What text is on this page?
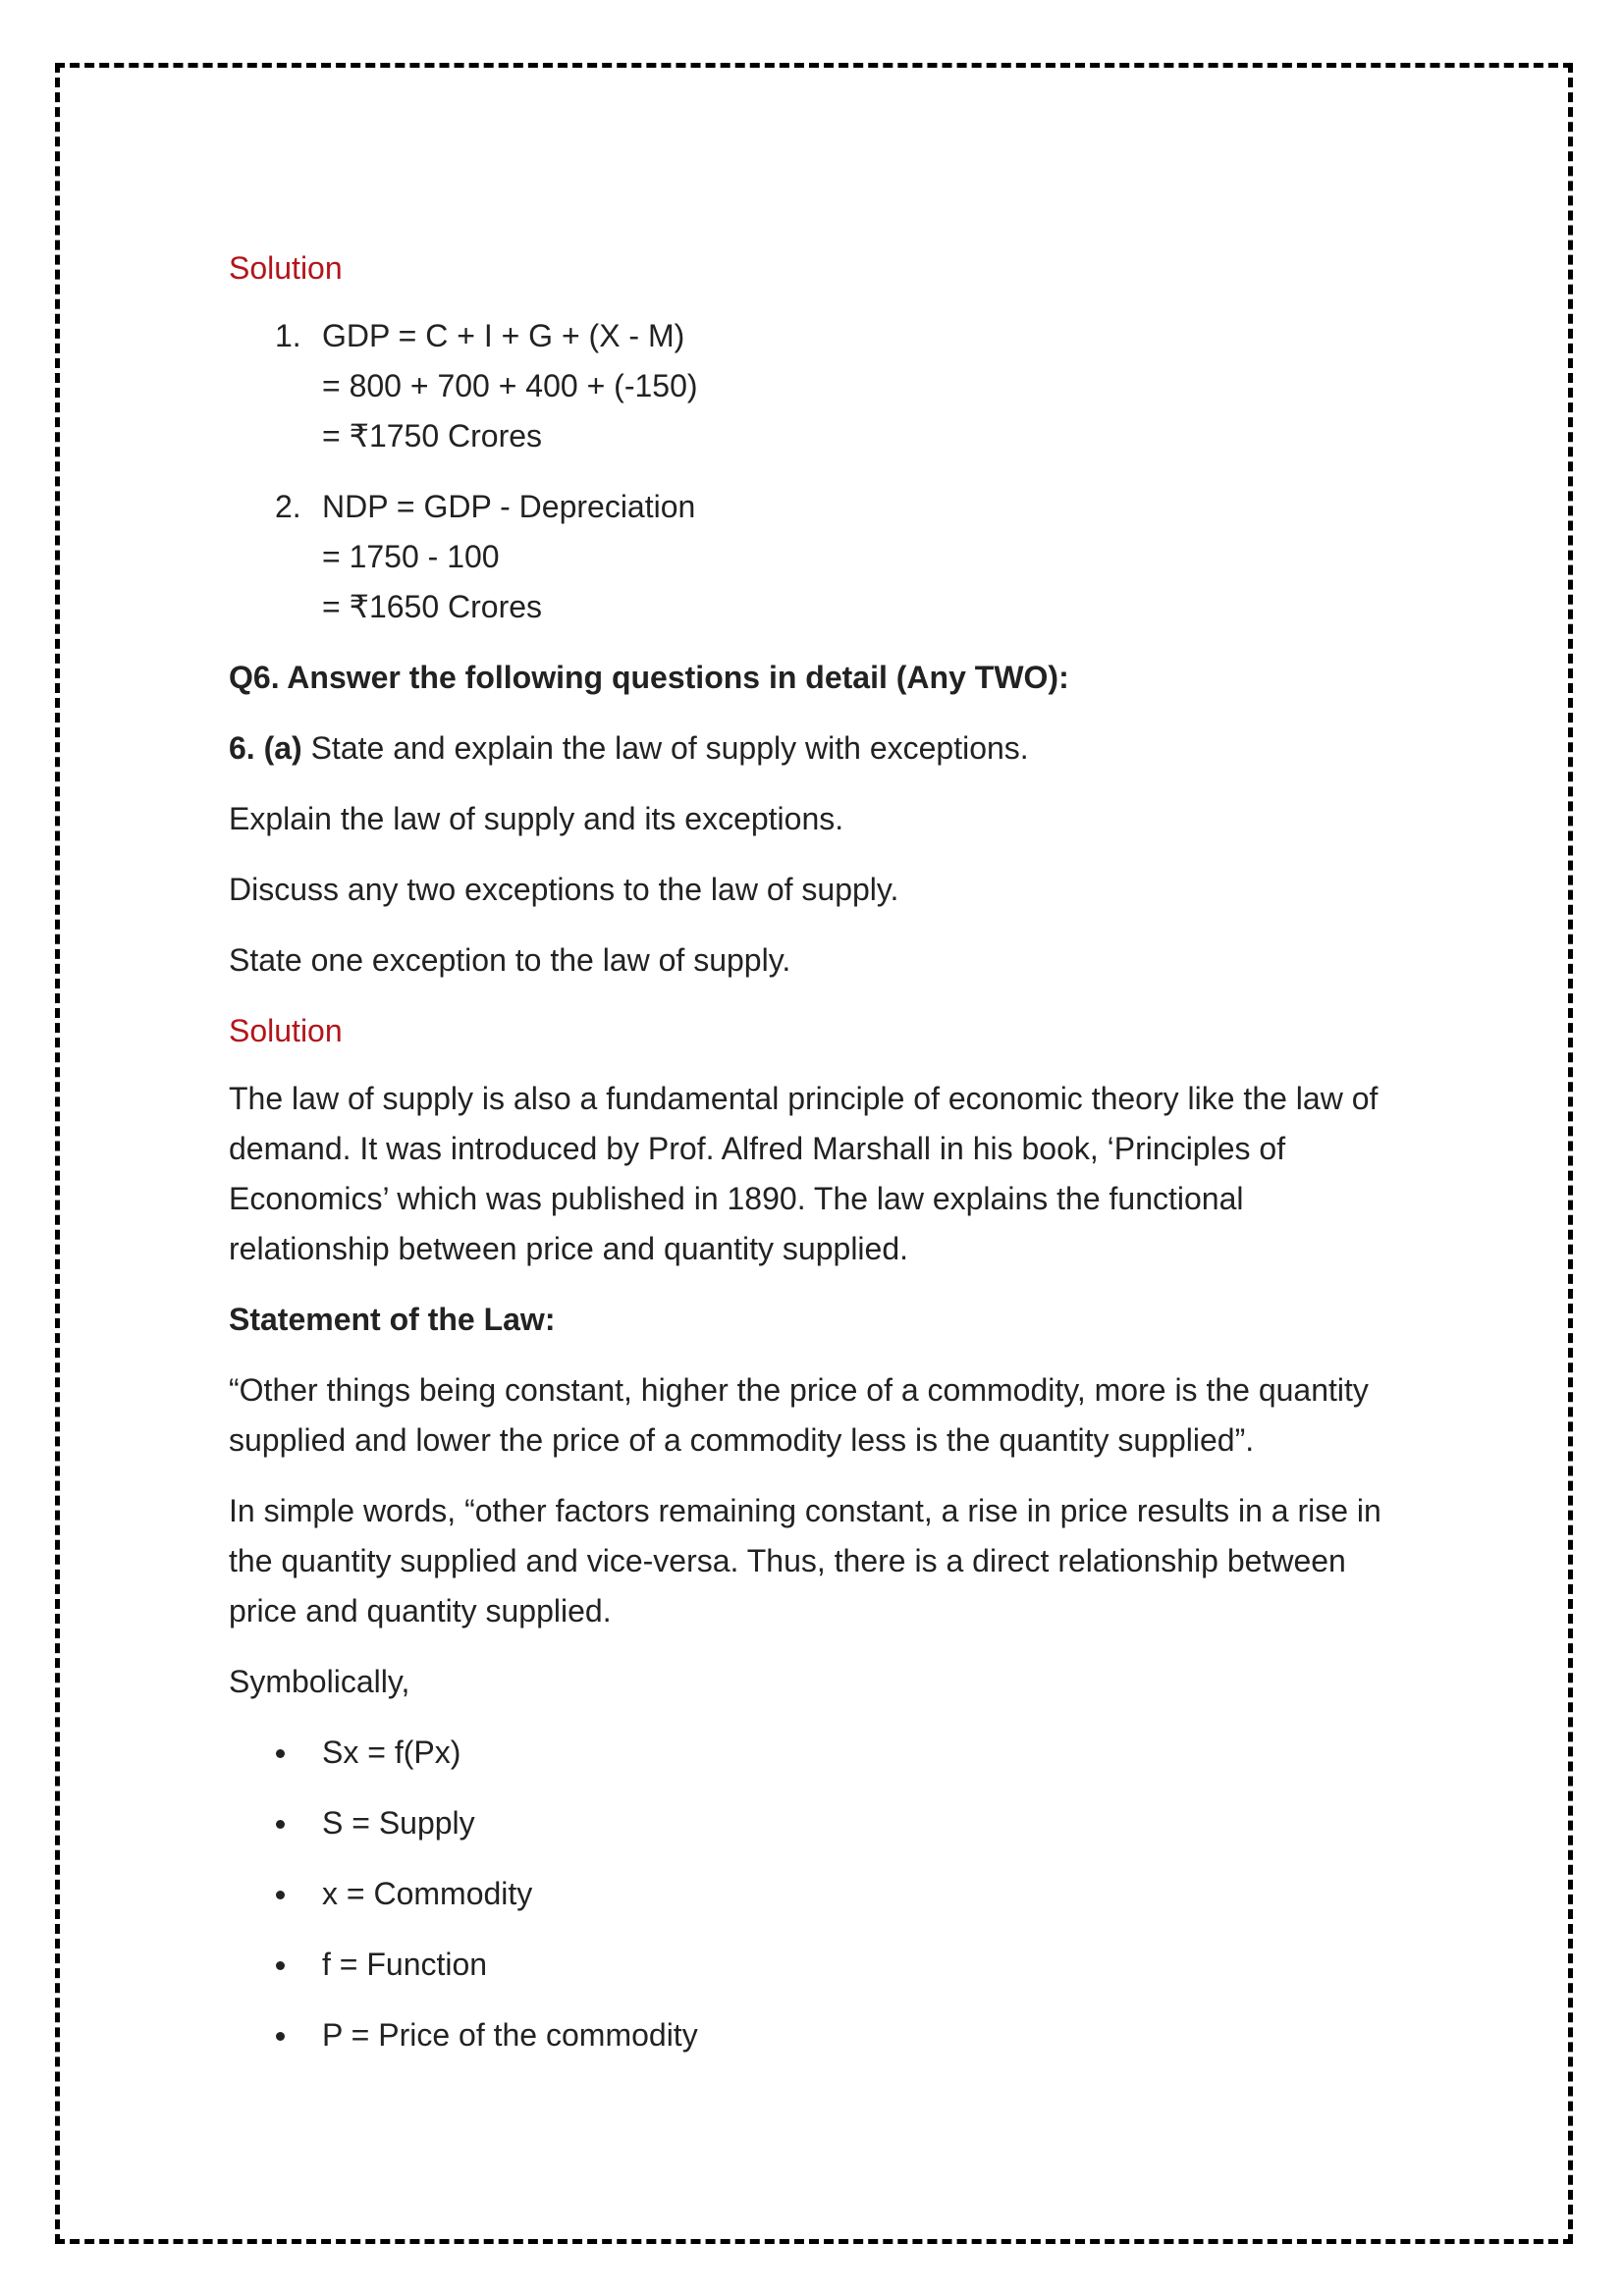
Solution
1. GDP = C + I + G + (X - M)
= 800 + 700 + 400 + (-150)
= ₹1750 Crores
2. NDP = GDP - Depreciation
= 1750 - 100
= ₹1650 Crores
Q6. Answer the following questions in detail (Any TWO):
6. (a) State and explain the law of supply with exceptions.
Explain the law of supply and its exceptions.
Discuss any two exceptions to the law of supply.
State one exception to the law of supply.
Solution
The law of supply is also a fundamental principle of economic theory like the law of demand. It was introduced by Prof. Alfred Marshall in his book, ‘Principles of Economics’ which was published in 1890. The law explains the functional relationship between price and quantity supplied.
Statement of the Law:
“Other things being constant, higher the price of a commodity, more is the quantity supplied and lower the price of a commodity less is the quantity supplied”.
In simple words, “other factors remaining constant, a rise in price results in a rise in the quantity supplied and vice-versa. Thus, there is a direct relationship between price and quantity supplied.
Symbolically,
Sx = f(Px)
S = Supply
x = Commodity
f = Function
P = Price of the commodity
